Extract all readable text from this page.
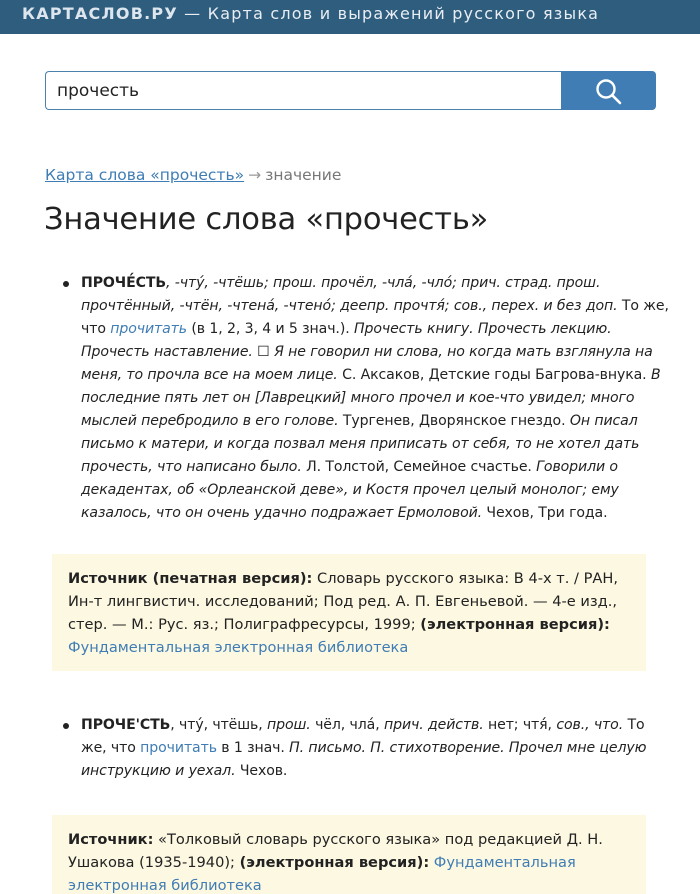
КАРТАСЛОВ.РУ — Карта слов и выражений русского языка
прочесть
Карта слова «прочесть» → значение
Значение слова «прочесть»
ПРОЧЕ́СТЬ, -чту́, -чтёшь; прош. прочёл, -чла́, -чло́; прич. страд. прош. прочтённый, -чтён, -чтена́, -чтено́; деепр. прочтя́; сов., перех. и без доп. То же, что прочитать (в 1, 2, 3, 4 и 5 знач.). Прочесть книгу. Прочесть лекцию. Прочесть наставление. ☐ Я не говорил ни слова, но когда мать взглянула на меня, то прочла все на моем лице. С. Аксаков, Детские годы Багрова-внука. В последние пять лет он [Лаврецкий] много прочел и кое-что увидел; много мыслей перебродило в его голове. Тургенев, Дворянское гнездо. Он писал письмо к матери, и когда позвал меня приписать от себя, то не хотел дать прочесть, что написано было. Л. Толстой, Семейное счастье. Говорили о декадентах, об «Орлеанской деве», и Костя прочел целый монолог; ему казалось, что он очень удачно подражает Ермоловой. Чехов, Три года.
Источник (печатная версия): Словарь русского языка: В 4-х т. / РАН, Ин-т лингвистич. исследований; Под ред. А. П. Евгеньевой. — 4-е изд., стер. — М.: Рус. яз.; Полиграфресурсы, 1999; (электронная версия):
Фундаментальная электронная библиотека
ПРОЧЕ'СТЬ, чту́, чтёшь, прош. чёл, чла́, прич. действ. нет; чтя́, сов., что. То же, что прочитать в 1 знач. П. письмо. П. стихотворение. Прочел мне целую инструкцию и уехал. Чехов.
Источник: «Толковый словарь русского языка» под редакцией Д. Н. Ушакова (1935-1940); (электронная версия): Фундаментальная электронная библиотека
